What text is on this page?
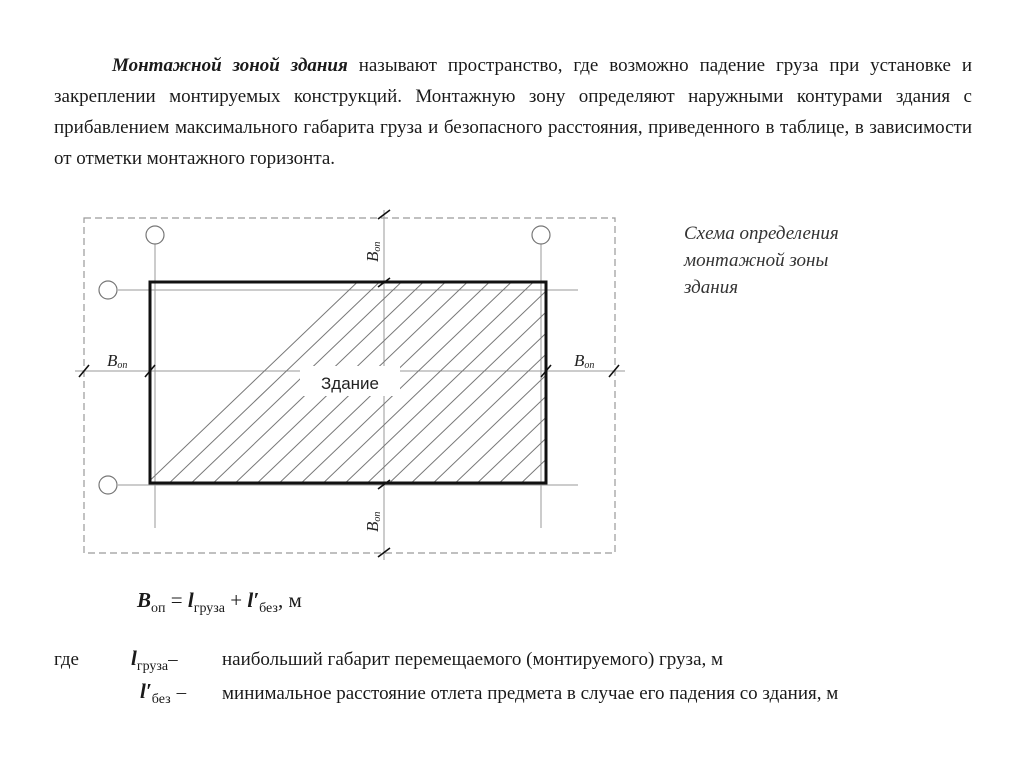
Монтажной зоной здания называют пространство, где возможно падение груза при установке и закреплении монтируемых конструкций. Монтажную зону определяют наружными контурами здания с прибавлением максимального габарита груза и безопасного расстояния, приведенного в таблице, в зависимости от отметки монтажного горизонта.
Схема определения
монтажной зоны
здания
Здание
Bоп	Bоп
Bоп
Bоп
$B_{оп} = l_{груза} + l'_{без}$, м
где $l_{груза}-$ наибольший габарит перемещаемого (монтируемого) груза, м
$l'_{без}$ – минимальное расстояние отлета предмета в случае его падения со здания, м
